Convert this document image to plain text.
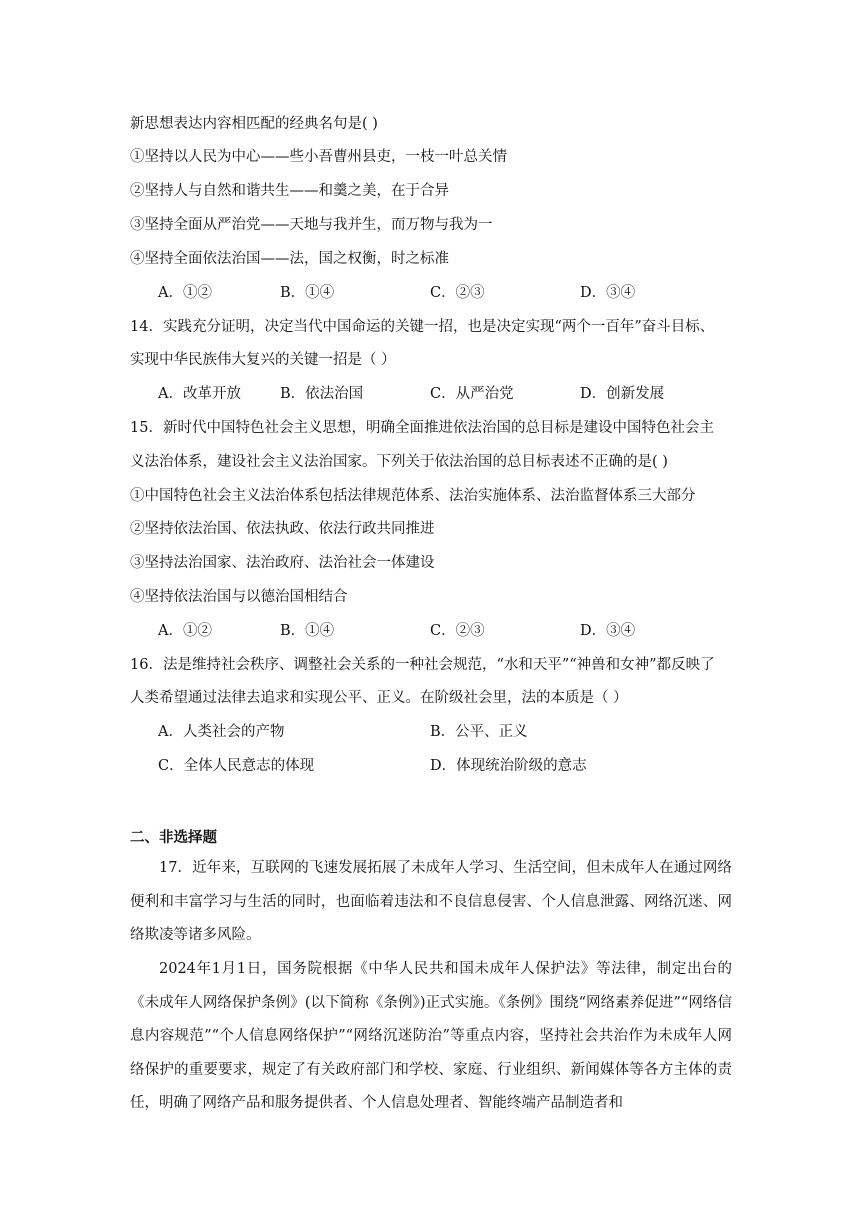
新思想表达内容相匹配的经典名句是( )
①坚持以人民为中心——些小吾曹州县吏，一枝一叶总关情
②坚持人与自然和谐共生——和羹之美，在于合异
③坚持全面从严治党——天地与我并生，而万物与我为一
④坚持全面依法治国——法，国之权衡，时之标准
A．①②	B．①④	C．②③	D．③④
14．实践充分证明，决定当代中国命运的关键一招，也是决定实现“两个一百年”奋斗目标、
实现中华民族伟大复兴的关键一招是（ ）
A．改革开放	B．依法治国	C．从严治党	D．创新发展
15．新时代中国特色社会主义思想，明确全面推进依法治国的总目标是建设中国特色社会主
义法治体系，建设社会主义法治国家。下列关于依法治国的总目标表述不正确的是( )
①中国特色社会主义法治体系包括法律规范体系、法治实施体系、法治监督体系三大部分
②坚持依法治国、依法执政、依法行政共同推进
③坚持法治国家、法治政府、法治社会一体建设
④坚持依法治国与以德治国相结合
A．①②	B．①④	C．②③	D．③④
16．法是维持社会秩序、调整社会关系的一种社会规范，“水和天平”“神兽和女神”都反映了
人类希望通过法律去追求和实现公平、正义。在阶级社会里，法的本质是（ ）
A．人类社会的产物	B．公平、正义
C．全体人民意志的体现	D．体现统治阶级的意志
二、非选择题
17．近年来，互联网的飞速发展拓展了未成年人学习、生活空间，但未成年人在通过网络便利和丰富学习与生活的同时，也面临着违法和不良信息侵害、个人信息泄露、网络沉迷、网络欺凌等诸多风险。
2024年1月1日，国务院根据《中华人民共和国未成年人保护法》等法律，制定出台的《未成年人网络保护条例》(以下简称《条例》)正式实施。《条例》围绕“网络素养促进”“网络信息内容规范”“个人信息网络保护”“网络沉迷防治”等重点内容，坚持社会共治作为未成年人网络保护的重要要求，规定了有关政府部门和学校、家庭、行业组织、新闻媒体等各方主体的责任，明确了网络产品和服务提供者、个人信息处理者、智能终端产品制造者和
